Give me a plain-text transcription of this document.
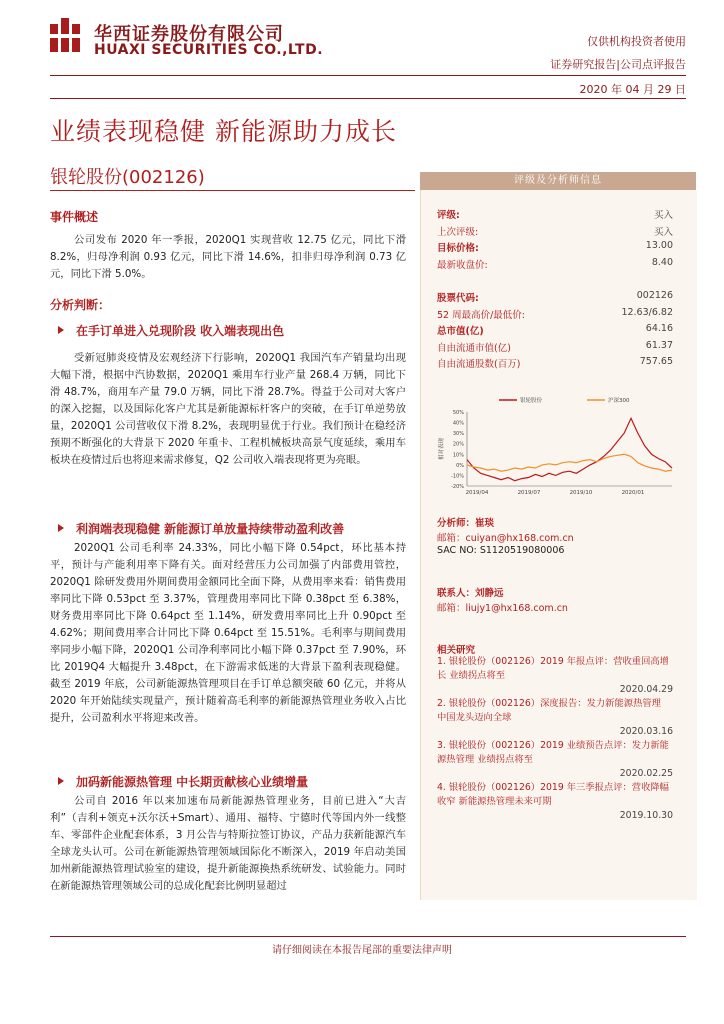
华西证券股份有限公司
HUAXI SECURITIES CO.,LTD.
仅供机构投资者使用
证券研究报告|公司点评报告
2020 年 04 月 29 日
业绩表现稳健 新能源助力成长
银轮股份(002126)
事件概述
公司发布 2020 年一季报，2020Q1 实现营收 12.75 亿元，同比下滑 8.2%，归母净利润 0.93 亿元，同比下滑 14.6%，扣非归母净利润 0.73 亿元，同比下滑 5.0%。
分析判断：
在手订单进入兑现阶段 收入端表现出色
受新冠肺炎疫情及宏观经济下行影响，2020Q1 我国汽车产销量均出现大幅下滑，根据中汽协数据，2020Q1 乘用车行业产量 268.4 万辆，同比下滑 48.7%，商用车产量 79.0 万辆，同比下滑 28.7%。得益于公司对大客户的深入挖掘，以及国际化客户尤其是新能源标杆客户的突破，在手订单逆势放量，2020Q1 公司营收仅下滑 8.2%，表现明显优于行业。我们预计在稳经济预期不断强化的大背景下 2020 年重卡、工程机械板块高景气度延续，乘用车板块在疫情过后也将迎来需求修复，Q2 公司收入端表现将更为亮眼。
利润端表现稳健 新能源订单放量持续带动盈利改善
2020Q1 公司毛利率 24.33%，同比小幅下降 0.54pct，环比基本持平，预计与产能利用率下降有关。面对经营压力公司加强了内部费用管控，2020Q1 除研发费用外期间费用金额同比全面下降，从费用率来看：销售费用率同比下降 0.53pct 至 3.37%，管理费用率同比下降 0.38pct 至 6.38%，财务费用率同比下降 0.64pct 至 1.14%，研发费用率同比上升 0.90pct 至 4.62%；期间费用率合计同比下降 0.64pct 至 15.51%。毛利率与期间费用率同步小幅下降，2020Q1 公司净利率同比小幅下降 0.37pct 至 7.90%，环比 2019Q4 大幅提升 3.48pct，在下游需求低迷的大背景下盈利表现稳健。截至 2019 年底，公司新能源热管理项目在手订单总额突破 60 亿元，并将从 2020 年开始陆续实现量产，预计随着高毛利率的新能源热管理业务收入占比提升，公司盈利水平将迎来改善。
加码新能源热管理 中长期贡献核心业绩增量
公司自 2016 年以来加速布局新能源热管理业务，目前已进入“大吉利”（吉利+领克+沃尔沃+Smart）、通用、福特、宁德时代等国内外一线整车、零部件企业配套体系，3 月公告与特斯拉签订协议，产品力获新能源汽车全球龙头认可。公司在新能源热管理领域国际化不断深入，2019 年启动美国加州新能源热管理试验室的建设，提升新能源换热系统研发、试验能力。同时在新能源热管理领域公司的总成化配套比例明显超过
评级及分析师信息
评级:	买入
上次评级:	买入
目标价格:	13.00
最新收盘价:	8.40
股票代码:	002126
52 周最高价/最低价:	12.63/6.82
总市值(亿)	64.16
自由流通市值(亿)	61.37
自由流通股数(百万)	757.65
50%
40%
30%
20%
10%
0%
-10%
-20%
相对表现
2019/04	2019/07	2019/10	2020/01
银轮股份	沪深300
分析师：崔琰
邮箱：cuiyan@hx168.com.cn
SAC NO: S1120519080006
联系人：刘静远
邮箱：liujy1@hx168.com.cn
相关研究
1. 银轮股份（002126）2019 年报点评：营收重回高增长 业绩拐点将至
2020.04.29
2. 银轮股份（002126）深度报告：发力新能源热管理 中国龙头迈向全球
2020.03.16
3. 银轮股份（002126）2019 业绩预告点评：发力新能源热管理 业绩拐点将至
2020.02.25
4. 银轮股份（002126）2019 年三季报点评：营收降幅收窄 新能源热管理未来可期
2019.10.30
请仔细阅读在本报告尾部的重要法律声明
